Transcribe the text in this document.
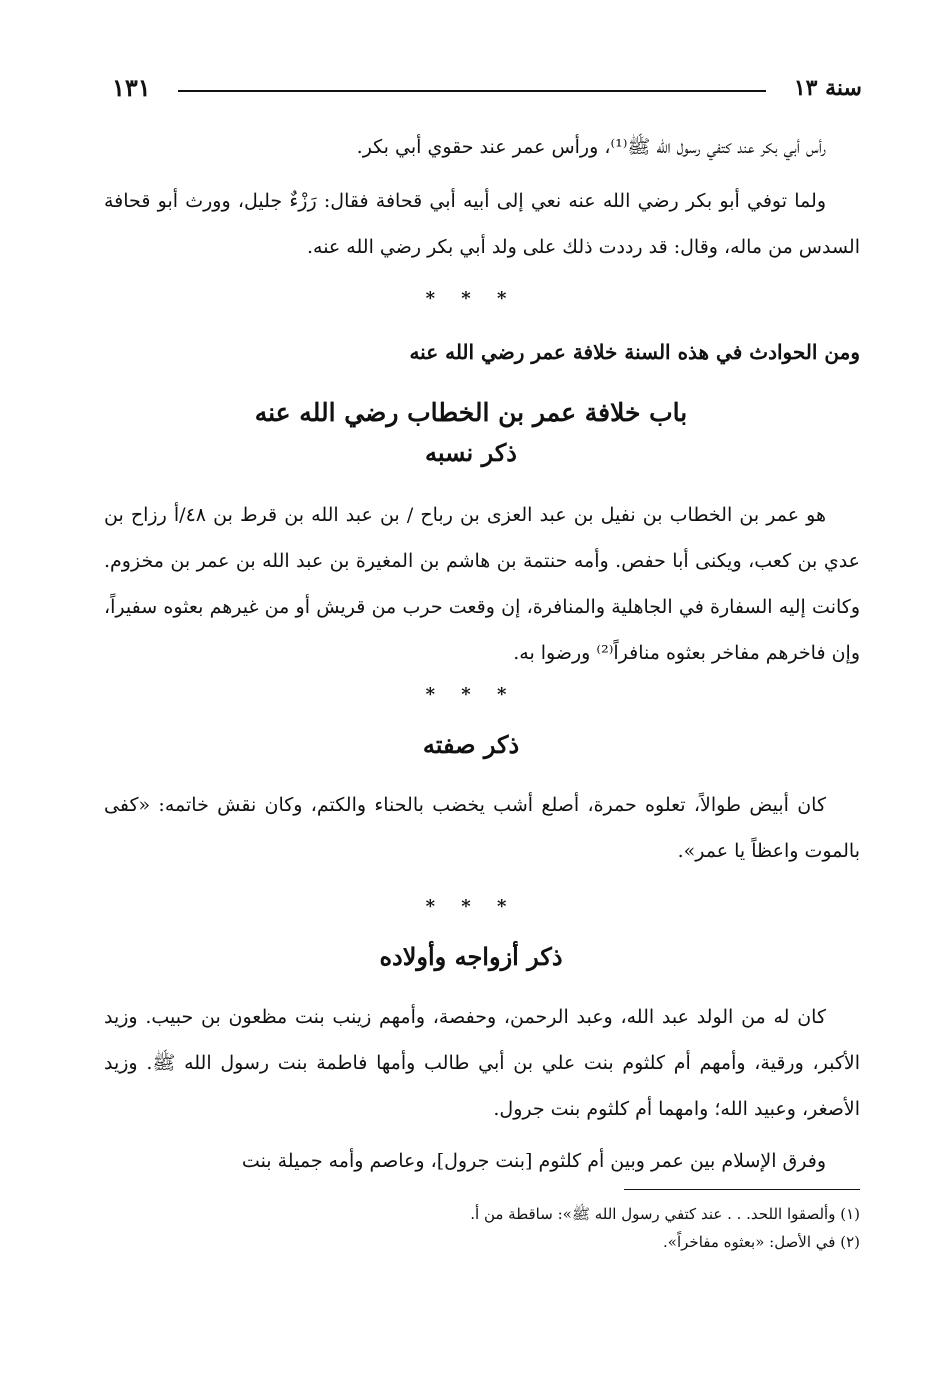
سنة ١٣
١٣١

رأس أبي بكر عند كتفي رسول الله ﷺ⁽¹⁾، ورأس عمر عند حقوي أبي بكر.

ولما توفي أبو بكر رضي الله عنه نعي إلى أبيه أبي قحافة فقال: رَزْءٌ جليل، وورث أبو قحافة السدس من ماله، وقال: قد رددت ذلك على ولد أبي بكر رضي الله عنه.

* * *
ومن الحوادث في هذه السنة خلافة عمر رضي الله عنه
باب خلافة عمر بن الخطاب رضي الله عنه
ذكر نسبه

هو عمر بن الخطاب بن نفيل بن عبد العزى بن رباح / بن عبد الله بن قرط بن ٤٨/أ رزاح بن عدي بن كعب، ويكنى أبا حفص. وأمه حنتمة بن هاشم بن المغيرة بن عبد الله بن عمر بن مخزوم. وكانت إليه السفارة في الجاهلية والمنافرة، إن وقعت حرب من قريش أو من غيرهم بعثوه سفيراً، وإن فاخرهم مفاخر بعثوه منافراً⁽²⁾ ورضوا به.

* * *
ذكر صفته

كان أبيض طوالاً، تعلوه حمرة، أصلع أشب يخضب بالحناء والكتم، وكان نقش خاتمه: «كفى بالموت واعظاً يا عمر».

* * *
ذكر أزواجه وأولاده

كان له من الولد عبد الله، وعبد الرحمن، وحفصة، وأمهم زينب بنت مظعون بن حبيب. وزيد الأكبر، ورقية، وأمهم أم كلثوم بنت علي بن أبي طالب وأمها فاطمة بنت رسول الله ﷺ. وزيد الأصغر، وعبيد الله؛ وامهما أم كلثوم بنت جرول.

وفرق الإسلام بين عمر وبين أم كلثوم [بنت جرول]، وعاصم وأمه جميلة بنت

(١) وألصقوا اللحد. . . عند كتفي رسول الله ﷺ»: ساقطة من أ.

(٢) في الأصل: «بعثوه مفاخراً».
